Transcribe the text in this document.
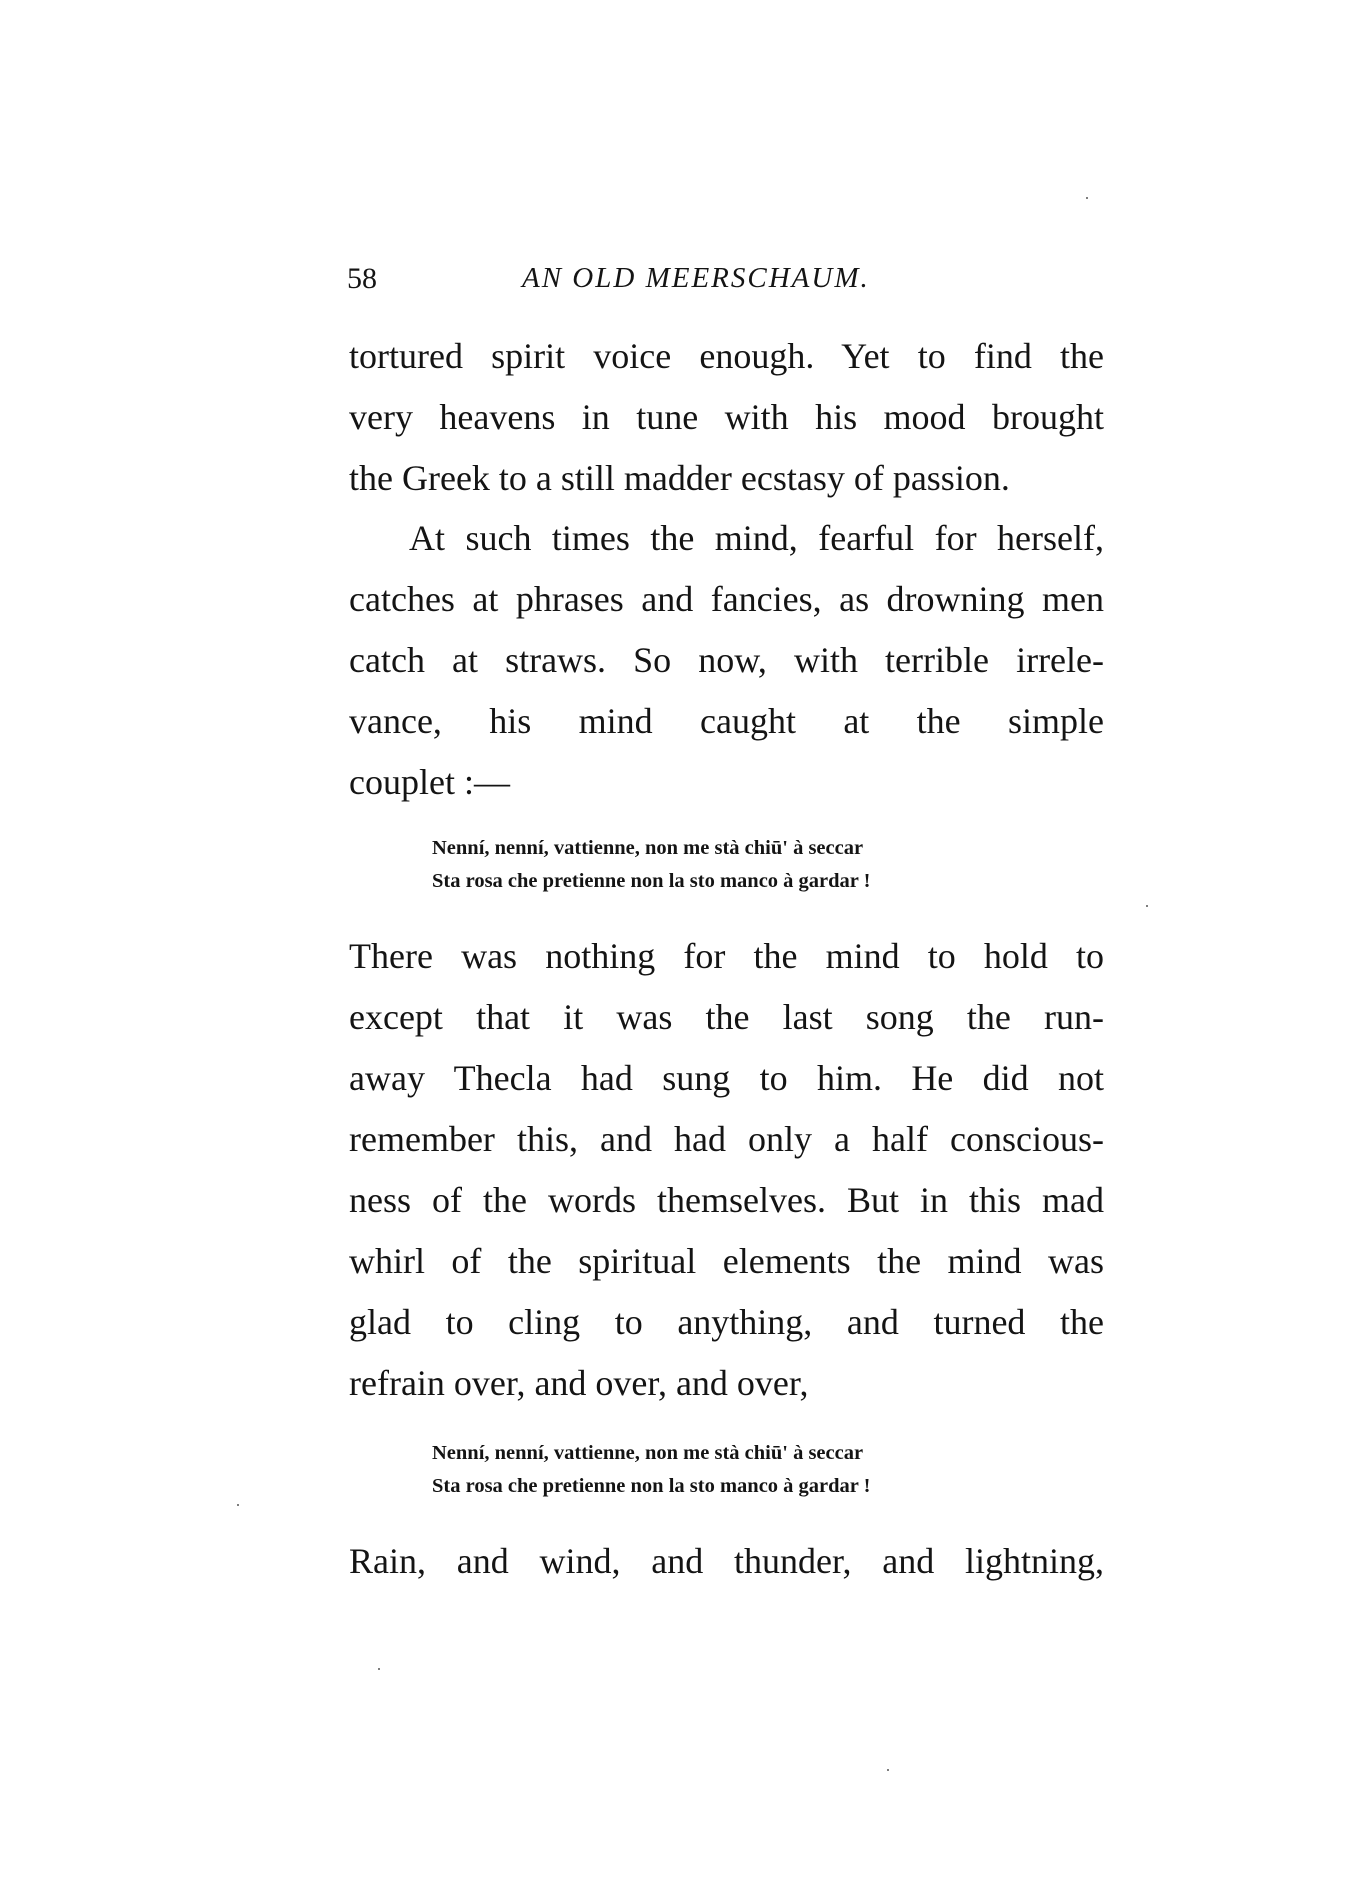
58	AN OLD MEERSCHAUM.

tortured spirit voice enough. Yet to find the
very heavens in tune with his mood brought
the Greek to a still madder ecstasy of passion.

At such times the mind, fearful for herself,
catches at phrases and fancies, as drowning men
catch at straws. So now, with terrible irrele-
vance, his mind caught at the simple
couplet :—

Nenní, nenní, vattienne, non me stà chiū' à seccar
Sta rosa che pretienne non la sto manco à gardar !

There was nothing for the mind to hold to
except that it was the last song the run-
away Thecla had sung to him. He did not
remember this, and had only a half conscious-
ness of the words themselves. But in this mad
whirl of the spiritual elements the mind was
glad to cling to anything, and turned the
refrain over, and over, and over,

Nenní, nenní, vattienne, non me stà chiū' à seccar
Sta rosa che pretienne non la sto manco à gardar !

Rain, and wind, and thunder, and lightning,
